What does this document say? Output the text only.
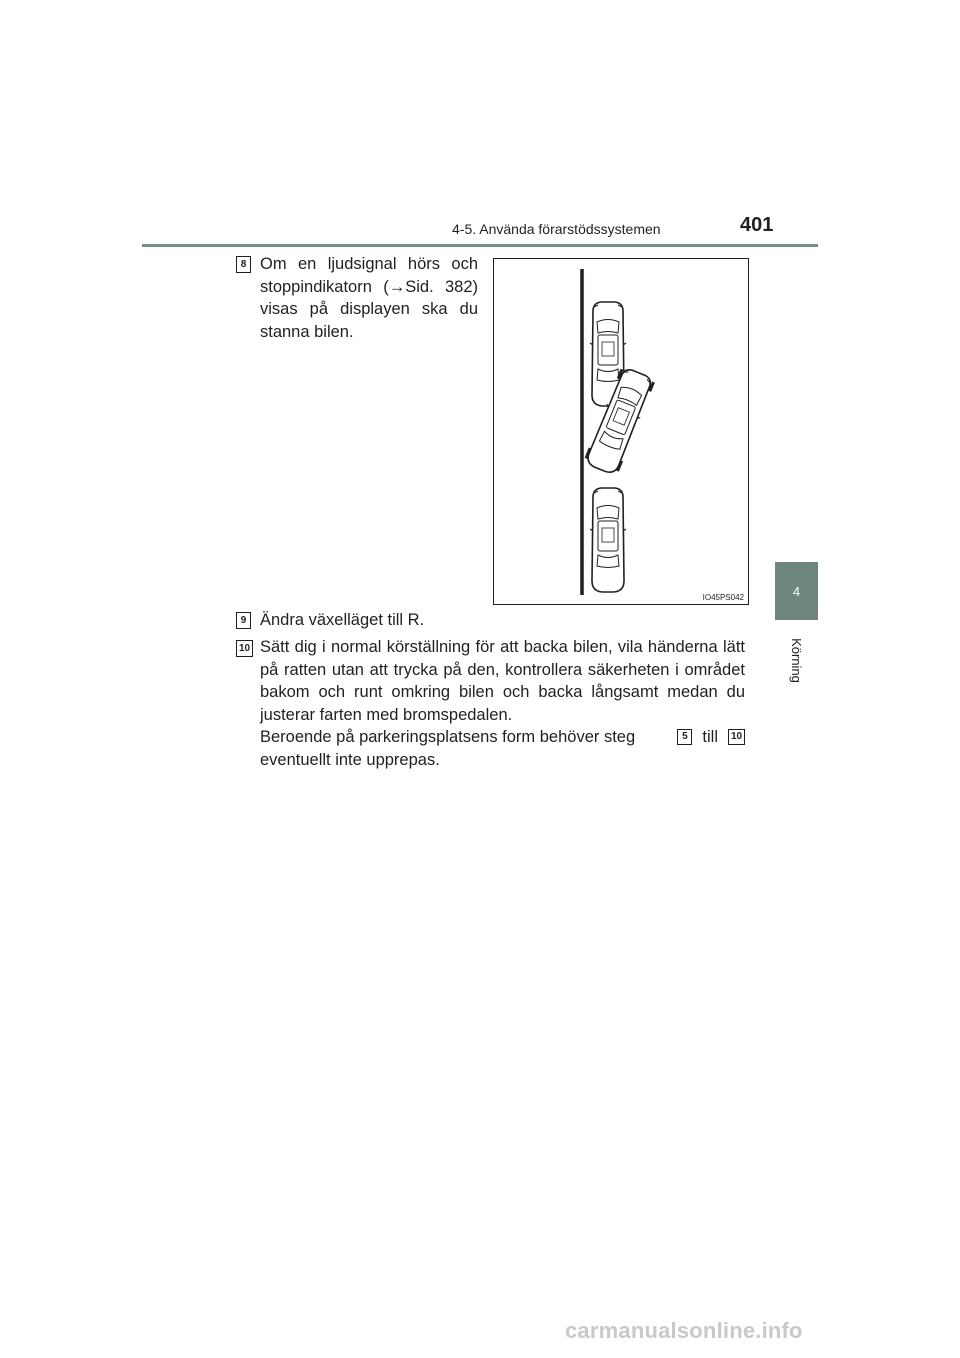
4-5. Använda förarstödssystemen	401
4
Körning
8 Om en ljudsignal hörs och
stoppindikatorn (→Sid. 382)
visas på displayen ska du
stanna bilen.
IO45PS042
9 Ändra växelläget till R.
10 Sätt dig i normal körställning för att backa bilen, vila händerna lätt på ratten utan att trycka på den, kontrollera säkerheten i området bakom och runt omkring bilen och backa långsamt medan du justerar farten med bromspedalen.
Beroende på parkeringsplatsens form behöver steg	5 till 10
eventuellt inte upprepas.
carmanualsonline.info
